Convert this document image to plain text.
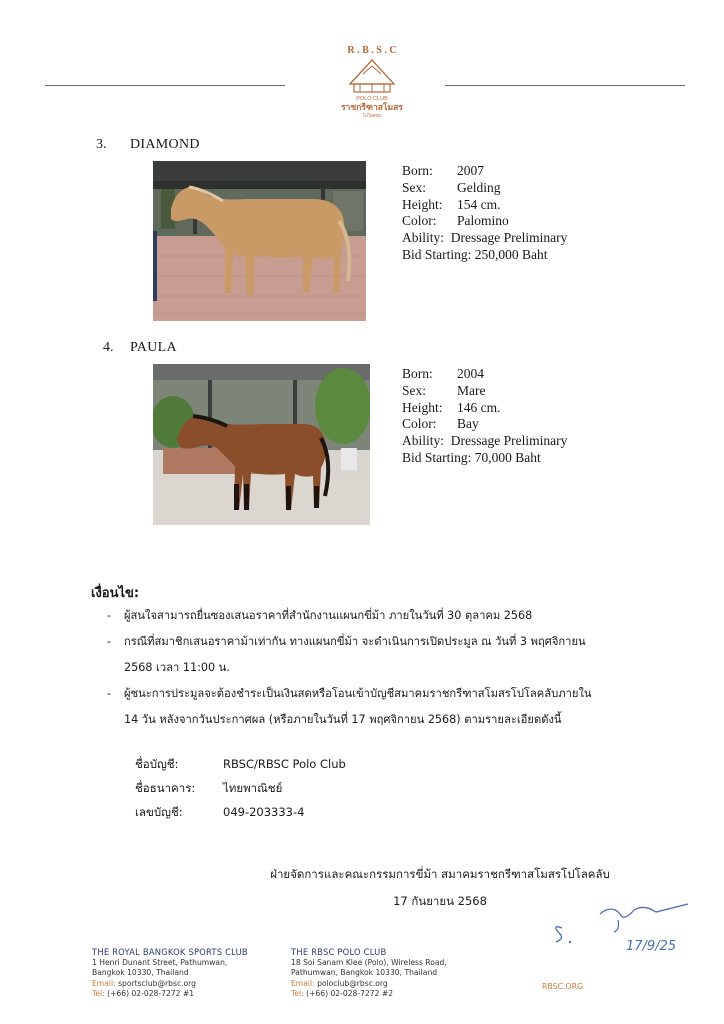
R . B . S . C
POLO CLUB
ราชกรีฑาสโมสร
โปโลคลับ
3. DIAMOND
Born: 2007
Sex: Gelding
Height: 154 cm.
Color: Palomino
Ability: Dressage Preliminary
Bid Starting: 250,000 Baht
4. PAULA
Born: 2004
Sex: Mare
Height: 146 cm.
Color: Bay
Ability: Dressage Preliminary
Bid Starting: 70,000 Baht
เงื่อนไข:
- ผู้สนใจสามารถยื่นซองเสนอราคาที่สำนักงานแผนกขี่ม้า ภายในวันที่ 30 ตุลาคม 2568
- กรณีที่สมาชิกเสนอราคาม้าเท่ากัน ทางแผนกขี่ม้า จะดำเนินการเปิดประมูล ณ วันที่ 3 พฤศจิกายน
2568 เวลา 11:00 น.
- ผู้ชนะการประมูลจะต้องชำระเป็นเงินสดหรือโอนเข้าบัญชีสมาคมราชกรีฑาสโมสรโปโลคลับภายใน
14 วัน หลังจากวันประกาศผล (หรือภายในวันที่ 17 พฤศจิกายน 2568) ตามรายละเอียดดังนี้
ชื่อบัญชี:	RBSC/RBSC Polo Club
ชื่อธนาคาร: ไทยพาณิชย์
เลขบัญชี:	049-203333-4
ฝ่ายจัดการและคณะกรรมการขี่ม้า สมาคมราชกรีฑาสโมสรโปโลคลับ
17 กันยายน 2568
17/9/25
THE ROYAL BANGKOK SPORTS CLUB
1 Henri Dunant Street, Pathumwan,
Bangkok 10330, Thailand
Email: sportsclub@rbsc.org
Tel: (+66) 02-028-7272 #1
THE RBSC POLO CLUB
18 Soi Sanam Klee (Polo), Wireless Road,
Pathumwan, Bangkok 10330, Thailand
Email: poloclub@rbsc.org
Tel: (+66) 02-028-7272 #2
RBSC.ORG
